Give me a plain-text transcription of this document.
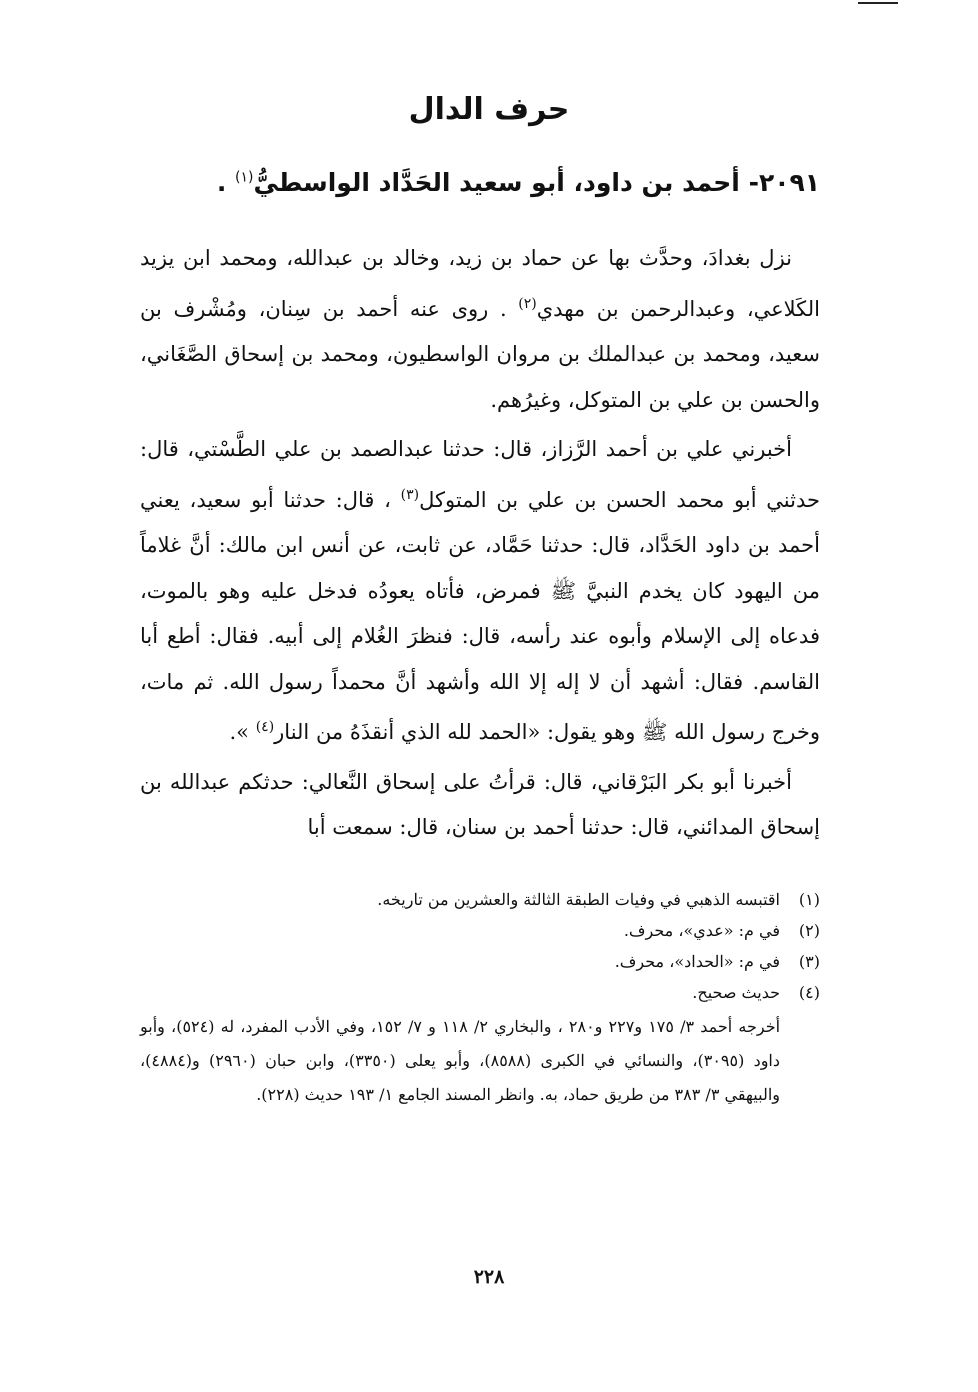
حرف الدال
٢٠٩١- أحمد بن داود، أبو سعيد الحَدَّاد الواسطيُّ$^{(١)}$ .

نزل بغدادَ، وحدَّث بها عن حماد بن زيد، وخالد بن عبدالله، ومحمد ابن يزيد الكَلاعي، وعبدالرحمن بن مهدي$^{(٢)}$ . روى عنه أحمد بن سِنان، ومُشْرف بن سعيد، ومحمد بن عبدالملك بن مروان الواسطيون، ومحمد بن إسحاق الصَّغَاني، والحسن بن علي بن المتوكل، وغيرُهم.

أخبرني علي بن أحمد الرَّزاز، قال: حدثنا عبدالصمد بن علي الطَّسْتي، قال: حدثني أبو محمد الحسن بن علي بن المتوكل$^{(٣)}$ ، قال: حدثنا أبو سعيد، يعني أحمد بن داود الحَدَّاد، قال: حدثنا حَمَّاد، عن ثابت، عن أنس ابن مالك: أنَّ غلاماً من اليهود كان يخدم النبيَّ ﷺ فمرض، فأتاه يعودُه فدخل عليه وهو بالموت، فدعاه إلى الإسلام وأبوه عند رأسه، قال: فنظرَ الغُلام إلى أبيه. فقال: أطع أبا القاسم. فقال: أشهد أن لا إله إلا الله وأشهد أنَّ محمداً رسول الله. ثم مات، وخرج رسول الله ﷺ وهو يقول: «الحمد لله الذي أنقذَهُ من النار$^{(٤)}$ ».

أخبرنا أبو بكر البَرْقاني، قال: قرأتُ على إسحاق النَّعالي: حدثكم عبدالله بن إسحاق المدائني، قال: حدثنا أحمد بن سنان، قال: سمعت أبا

(١)
اقتبسه الذهبي في وفيات الطبقة الثالثة والعشرين من تاريخه.
(٢)
في م: «عدي»، محرف.
(٣)
في م: «الحداد»، محرف.
(٤)
حديث صحيح.
أخرجه أحمد ٣/ ١٧٥ و٢٢٧ و٢٨٠ ، والبخاري ٢/ ١١٨ و ٧/ ١٥٢، وفي الأدب المفرد، له (٥٢٤)، وأبو داود (٣٠٩٥)، والنسائي في الكبرى (٨٥٨٨)، وأبو يعلى (٣٣٥٠)، وابن حبان (٢٩٦٠) و(٤٨٨٤)، والبيهقي ٣/ ٣٨٣ من طريق حماد، به. وانظر المسند الجامع ١/ ١٩٣ حديث (٢٢٨).
٢٢٨
